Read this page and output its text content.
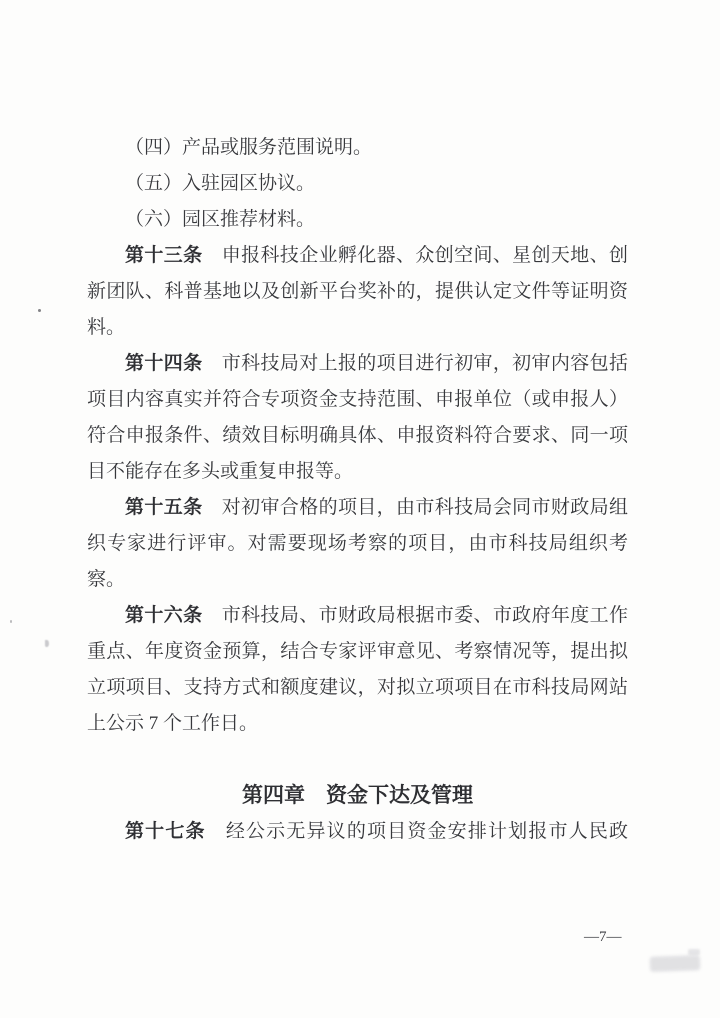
（四）产品或服务范围说明。
（五）入驻园区协议。
（六）园区推荐材料。
第十三条　申报科技企业孵化器、众创空间、星创天地、创
新团队、科普基地以及创新平台奖补的，提供认定文件等证明资
料。
第十四条　市科技局对上报的项目进行初审，初审内容包括
项目内容真实并符合专项资金支持范围、申报单位（或申报人）
符合申报条件、绩效目标明确具体、申报资料符合要求、同一项
目不能存在多头或重复申报等。
第十五条　对初审合格的项目，由市科技局会同市财政局组
织专家进行评审。对需要现场考察的项目，由市科技局组织考
察。
第十六条　市科技局、市财政局根据市委、市政府年度工作
重点、年度资金预算，结合专家评审意见、考察情况等，提出拟
立项项目、支持方式和额度建议，对拟立项项目在市科技局网站
上公示 7 个工作日。
第四章　资金下达及管理
第十七条　经公示无异议的项目资金安排计划报市人民政
—7—
